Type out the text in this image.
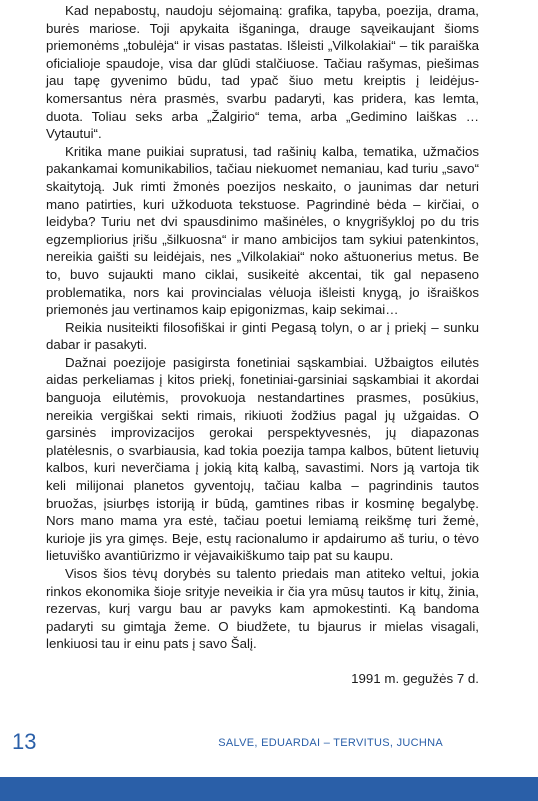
Kad nepabostų, naudoju sėjomainą: grafika, tapyba, poezija, drama, burės mariose. Toji apykaita išganinga, drauge sąveikaujant šioms priemonėms „tobulėja“ ir visas pastatas. Išleisti „Vilkolakiai“ – tik paraiška oficialioje spaudoje, visa dar glūdi stalčiuose. Tačiau rašymas, piešimas jau tapę gyvenimo būdu, tad ypač šiuo metu kreiptis į leidėjus-komersantus nėra prasmės, svarbu padaryti, kas pridera, kas lemta, duota. Toliau seks arba „Žalgirio“ tema, arba „Gedimino laiškas … Vytautui“.

Kritika mane puikiai supratusi, tad rašinių kalba, tematika, užmačios pakankamai komunikabilios, tačiau niekuomet nemaniau, kad turiu „savo“ skaitytoją. Juk rimti žmonės poezijos neskaito, o jaunimas dar neturi mano patirties, kuri užkoduota tekstuose. Pagrindinė bėda – kirčiai, o leidyba? Turiu net dvi spausdinimo mašinėles, o knygrišykloj po du tris egzempliorius įrišu „šilkuosna“ ir mano ambicijos tam sykiui patenkintos, nereikia gaišti su leidėjais, nes „Vilkolakiai“ noko aštuonerius metus. Be to, buvo sujaukti mano ciklai, susikeitė akcentai, tik gal nepaseno problematika, nors kai provincialas vėluoja išleisti knygą, jo išraiškos priemonės jau vertinamos kaip epigonizmas, kaip sekimai…

Reikia nusiteikti filosofiškai ir ginti Pegasą tolyn, o ar į priekį – sunku dabar ir pasakyti.

Dažnai poezijoje pasigirsta fonetiniai sąskambiai. Užbaigtos eilutės aidas perkeliamas į kitos priekį, fonetiniai-garsiniai sąskambiai it akordai banguoja eilutėmis, provokuoja nestandartines prasmes, posūkius, nereikia vergiškai sekti rimais, rikiuoti žodžius pagal jų užgaidas. O garsinės improvizacijos gerokai perspektyvesnės, jų diapazonas platėlesnis, o svarbiausia, kad tokia poezija tampa kalbos, būtent lietuvių kalbos, kuri neverčiama į jokią kitą kalbą, savastimi. Nors ją vartoja tik keli milijonai planetos gyventojų, tačiau kalba – pagrindinis tautos bruožas, įsiurbęs istoriją ir būdą, gamtines ribas ir kosminę begalybę. Nors mano mama yra estė, tačiau poetui lemiamą reikšmę turi žemė, kurioje jis yra gimęs. Beje, estų racionalumo ir apdairumo aš turiu, o tėvo lietuviško avantiūrizmo ir vėjavaikiškumo taip pat su kaupu.

Visos šios tėvų dorybės su talento priedais man atiteko veltui, jokia rinkos ekonomika šioje srityje neveikia ir čia yra mūsų tautos ir kitų, žinia, rezervas, kurį vargu bau ar pavyks kam apmokestinti. Ką bandoma padaryti su gimtąja žeme. O biudžete, tu bjaurus ir mielas visagali, lenkiuosi tau ir einu pats į savo Šalį.

1991 m. gegužės 7 d.
13	SALVE, EDUARDAI – TERVITUS, JUCHNA
